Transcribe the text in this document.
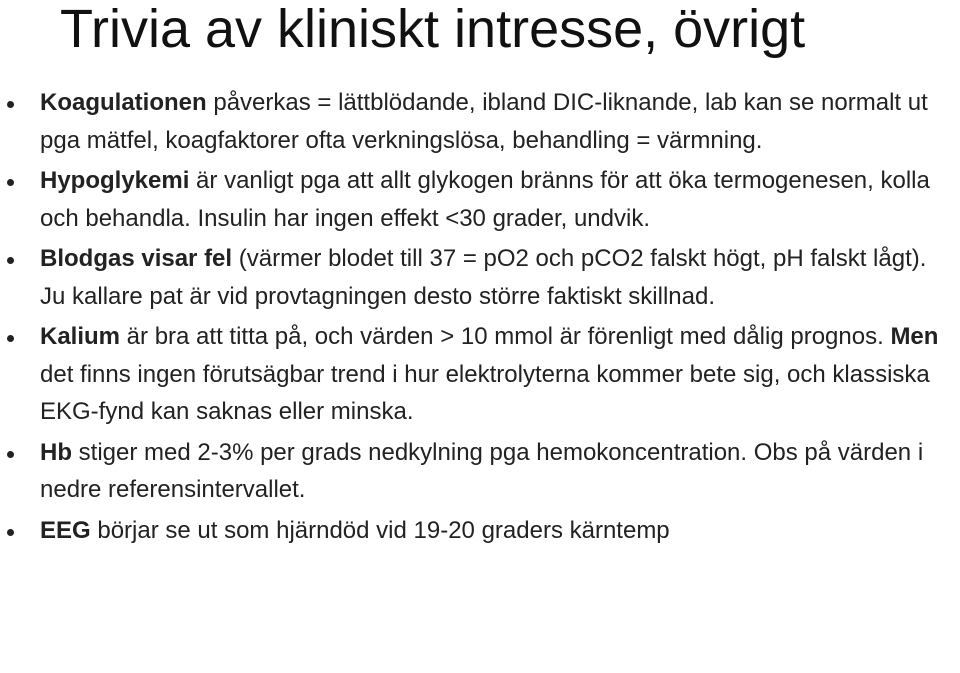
Trivia av kliniskt intresse, övrigt
Koagulationen påverkas = lättblödande, ibland DIC-liknande, lab kan se normalt ut pga mätfel, koagfaktorer ofta verkningslösa, behandling = värmning.
Hypoglykemi är vanligt pga att allt glykogen bränns för att öka termogenesen, kolla och behandla. Insulin har ingen effekt <30 grader, undvik.
Blodgas visar fel (värmer blodet till 37 = pO2 och pCO2 falskt högt, pH falskt lågt). Ju kallare pat är vid provtagningen desto större faktiskt skillnad.
Kalium är bra att titta på, och värden > 10 mmol är förenligt med dålig prognos. Men det finns ingen förutsägbar trend i hur elektrolyterna kommer bete sig, och klassiska EKG-fynd kan saknas eller minska.
Hb stiger med 2-3% per grads nedkylning pga hemokoncentration. Obs på värden i nedre referensintervallet.
EEG börjar se ut som hjärndöd vid 19-20 graders kärntemp
